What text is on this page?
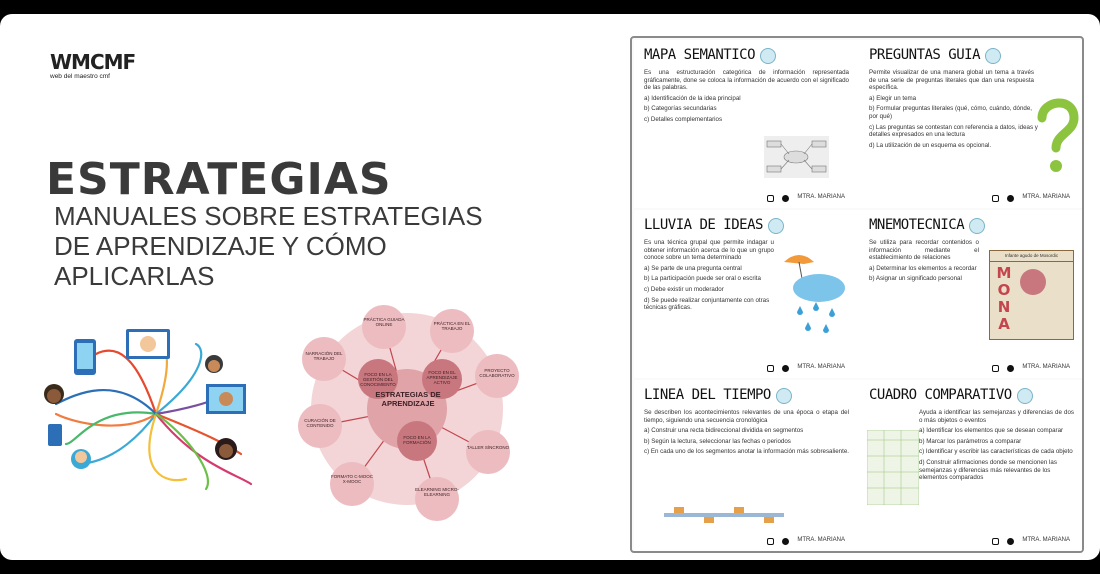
WMCMF
web del maestro cmf
ESTRATEGIAS
MANUALES SOBRE ESTRATEGIAS DE APRENDIZAJE Y CÓMO APLICARLAS
ESTRATEGIAS DE APRENDIZAJE
FOCO EN LA GESTIÓN DEL CONOCIMIENTO
FOCO EN EL APRENDIZAJE ACTIVO
FOCO EN LA FORMACIÓN
PRÁCTICA GUIADA ONLINE	PRÁCTICA EN EL TRABAJO
PROYECTO COLABORATIVO
TALLER SÍNCRONO
ELEARNING MICRO-ELEARNING
FORMATO C-MOOC X-MOOC
CURACIÓN DE CONTENIDO
NARRACIÓN DEL TRABAJO
MAPA SEMANTICO

Es una estructuración categórica de información representada gráficamente, done se coloca la información de acuerdo con el significado de las palabras.

a) Identificación de la idea principal
b) Categorías secundarias
c) Detalles complementarios
MTRA. MARIANA
PREGUNTAS GUIA

Permite visualizar de una manera global un tema a través de una serie de preguntas literales que dan una respuesta específica.

a) Elegir un tema
b) Formular preguntas literales (qué, cómo, cuándo, dónde, por qué)
c) Las preguntas se contestan con referencia a datos, ideas y detalles expresados en una lectura
d) La utilización de un esquema es opcional.
MTRA. MARIANA
LLUVIA DE IDEAS

Es una técnica grupal que permite indagar u obtener información acerca de lo que un grupo conoce sobre un tema determinado

a) Se parte de una pregunta central
b) La participación puede ser oral o escrita
c) Debe existir un moderador
d) Se puede realizar conjuntamente con otras técnicas gráficas.
MTRA. MARIANA
MNEMOTECNICA

Se utiliza para recordar contenidos o información mediante el establecimiento de relaciones

a) Determinar los elementos a recordar
b) Asignar un significado personal
Infante agudo de Mosordic
MONA
MTRA. MARIANA
LINEA DEL TIEMPO

Se describen los acontecimientos relevantes de una época o etapa del tiempo, siguiendo una secuencia cronológica

a) Construir una recta bidireccional dividida en segmentos
b) Según la lectura, seleccionar las fechas o periodos
c) En cada uno de los segmentos anotar la información más sobresaliente.
MTRA. MARIANA
CUADRO COMPARATIVO

Ayuda a identificar las semejanzas y diferencias de dos o más objetos o eventos

a) Identificar los elementos que se desean comparar
b) Marcar los parámetros a comparar
c) Identificar y escribir las características de cada objeto
d) Construir afirmaciones donde se mencionen las semejanzas y diferencias más relevantes de los elementos comparados
MTRA. MARIANA
